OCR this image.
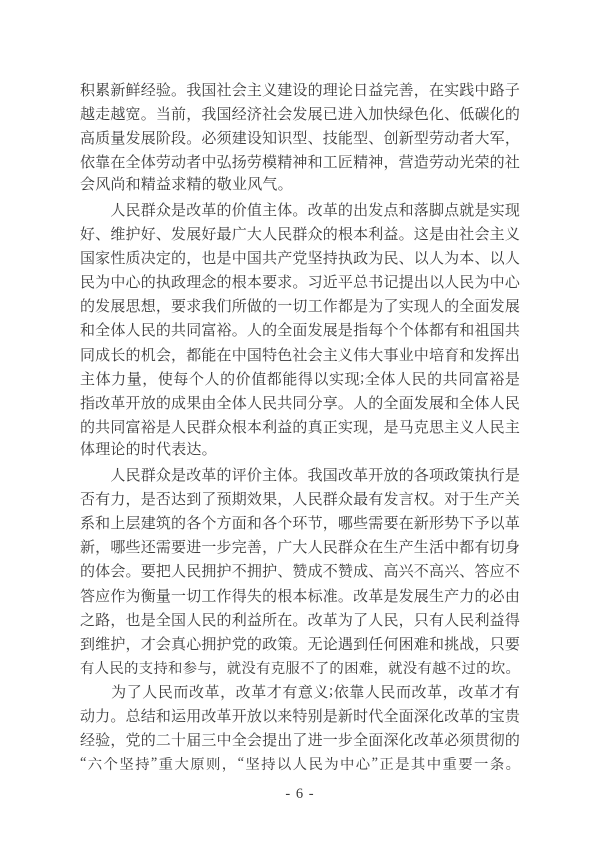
积 累 新 鲜 经 验 。 我 国 社 会 主 义 建 设 的 理 论 日 益 完 善 ， 在 实 践 中 路 子
越 走 越 宽 。 当 前 ， 我 国 经 济 社 会 发 展 已 进 入 加 快 绿 色 化 、 低 碳 化 的
高 质 量 发 展 阶 段 。 必 须 建 设 知 识 型 、 技 能 型 、 创 新 型 劳 动 者 大 军 ，
依 靠 在 全 体 劳 动 者 中 弘 扬 劳 模 精 神 和 工 匠 精 神 ， 营 造 劳 动 光 荣 的 社
会风尚和精益求精的敬业风气。

人 民 群 众 是 改 革 的 价 值 主 体 。 改 革 的 出 发 点 和 落 脚 点 就 是 实 现
好 、 维 护 好 、 发 展 好 最 广 大 人 民 群 众 的 根 本 利 益 。 这 是 由 社 会 主 义
国 家 性 质 决 定 的 ， 也 是 中 国 共 产 党 坚 持 执 政 为 民 、 以 人 为 本 、 以 人
民 为 中 心 的 执 政 理 念 的 根 本 要 求 。 习 近 平 总 书 记 提 出 以 人 民 为 中 心
的 发 展 思 想 ， 要 求 我 们 所 做 的 一 切 工 作 都 是 为 了 实 现 人 的 全 面 发 展
和 全 体 人 民 的 共 同 富 裕 。 人 的 全 面 发 展 是 指 每 个 个 体 都 有 和 祖 国 共
同 成 长 的 机 会 ， 都 能 在 中 国 特 色 社 会 主 义 伟 大 事 业 中 培 育 和 发 挥 出
主 体 力 量 ， 使 每 个 人 的 价 值 都 能 得 以 实 现 ; 全 体 人 民 的 共 同 富 裕 是
指 改 革 开 放 的 成 果 由 全 体 人 民 共 同 分 享 。 人 的 全 面 发 展 和 全 体 人 民
的 共 同 富 裕 是 人 民 群 众 根 本 利 益 的 真 正 实 现 ， 是 马 克 思 主 义 人 民 主
体理论的时代表达。

人 民 群 众 是 改 革 的 评 价 主 体 。 我 国 改 革 开 放 的 各 项 政 策 执 行 是
否 有 力 ， 是 否 达 到 了 预 期 效 果 ， 人 民 群 众 最 有 发 言 权 。 对 于 生 产 关
系 和 上 层 建 筑 的 各 个 方 面 和 各 个 环 节 ， 哪 些 需 要 在 新 形 势 下 予 以 革
新 ， 哪 些 还 需 要 进 一 步 完 善 ， 广 大 人 民 群 众 在 生 产 生 活 中 都 有 切 身
的 体 会 。 要 把 人 民 拥 护 不 拥 护 、 赞 成 不 赞 成 、 高 兴 不 高 兴 、 答 应 不
答 应 作 为 衡 量 一 切 工 作 得 失 的 根 本 标 准 。 改 革 是 发 展 生 产 力 的 必 由
之 路 ， 也 是 全 国 人 民 的 利 益 所 在 。 改 革 为 了 人 民 ， 只 有 人 民 利 益 得
到 维 护 ， 才 会 真 心 拥 护 党 的 政 策 。 无 论 遇 到 任 何 困 难 和 挑 战 ， 只 要
有 人 民 的 支 持 和 参 与 ， 就 没 有 克 服 不 了 的 困 难 ， 就 没 有 越 不 过 的 坎 。

为 了 人 民 而 改 革 ， 改 革 才 有 意 义 ; 依 靠 人 民 而 改 革 ， 改 革 才 有
动 力 。 总 结 和 运 用 改 革 开 放 以 来 特 别 是 新 时 代 全 面 深 化 改 革 的 宝 贵
经 验 ， 党 的 二 十 届 三 中 全 会 提 出 了 进 一 步 全 面 深 化 改 革 必 须 贯 彻 的
“ 六 个 坚 持 ” 重 大 原 则 ， “ 坚 持 以 人 民 为 中 心 ” 正 是 其 中 重 要 一 条 。
- 6 -
